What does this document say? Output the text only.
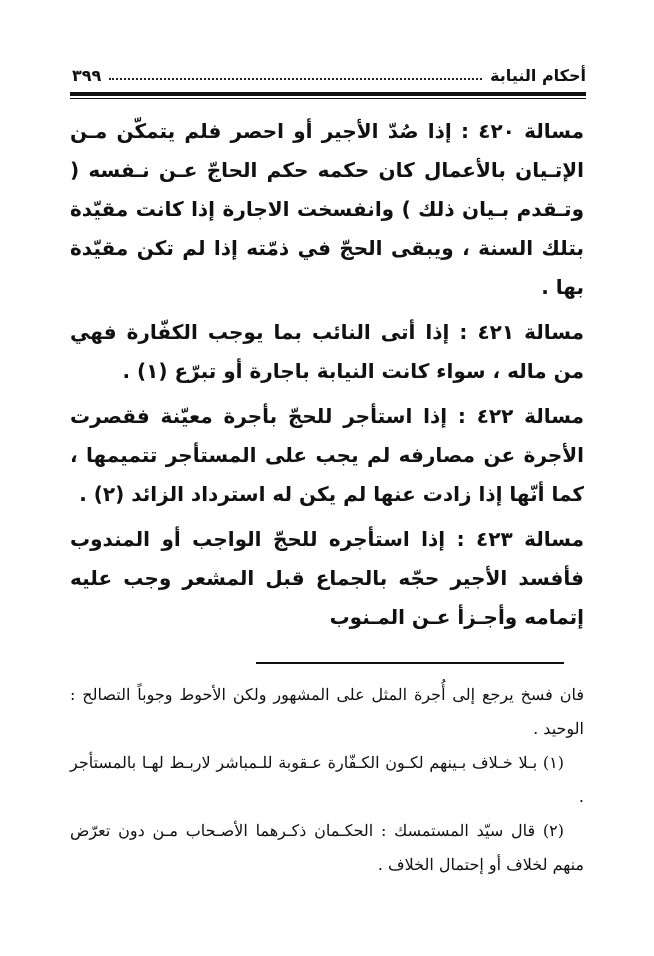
أحكام النيابة
٣٩٩

مسالة ٤٢٠ : إذا صُدّ الأجير أو احصر فلم يتمكّن مـن الإتـيان بالأعمال كان حكمه حكم الحاجّ عـن نـفسه ( وتـقدم بـيان ذلك ) وانفسخت الاجارة إذا كانت مقيّدة بتلك السنة ، ويبقى الحجّ في ذمّته إذا لم تكن مقيّدة بها .

مسالة ٤٢١ : إذا أتى النائب بما يوجب الكفّارة فهي من ماله ، سواء كانت النيابة باجارة أو تبرّع (١) .

مسالة ٤٢٢ : إذا استأجر للحجّ بأجرة معيّنة فقصرت الأجرة عن مصارفه لم يجب على المستأجر تتميمها ، كما أنّها إذا زادت عنها لم يكن له استرداد الزائد (٢) .

مسالة ٤٢٣ : إذا استأجره للحجّ الواجب أو المندوب فأفسد الأجير حجّه بالجماع قبل المشعر وجب عليه إتمامه وأجـزأ عـن المـنوب

فان فسخ يرجع إلى أُجرة المثل على المشهور ولكن الأحوط وجوباً التصالح : الوحيد .

(١) بـلا خـلاف بـينهم لكـون الكـفّارة عـقوبة للـمباشر لاربـط لهـا بالمستأجر .

(٢) قال سيّد المستمسك : الحكـمان ذكـرهما الأصـحاب مـن دون تعرّض منهم لخلاف أو إحتمال الخلاف .
